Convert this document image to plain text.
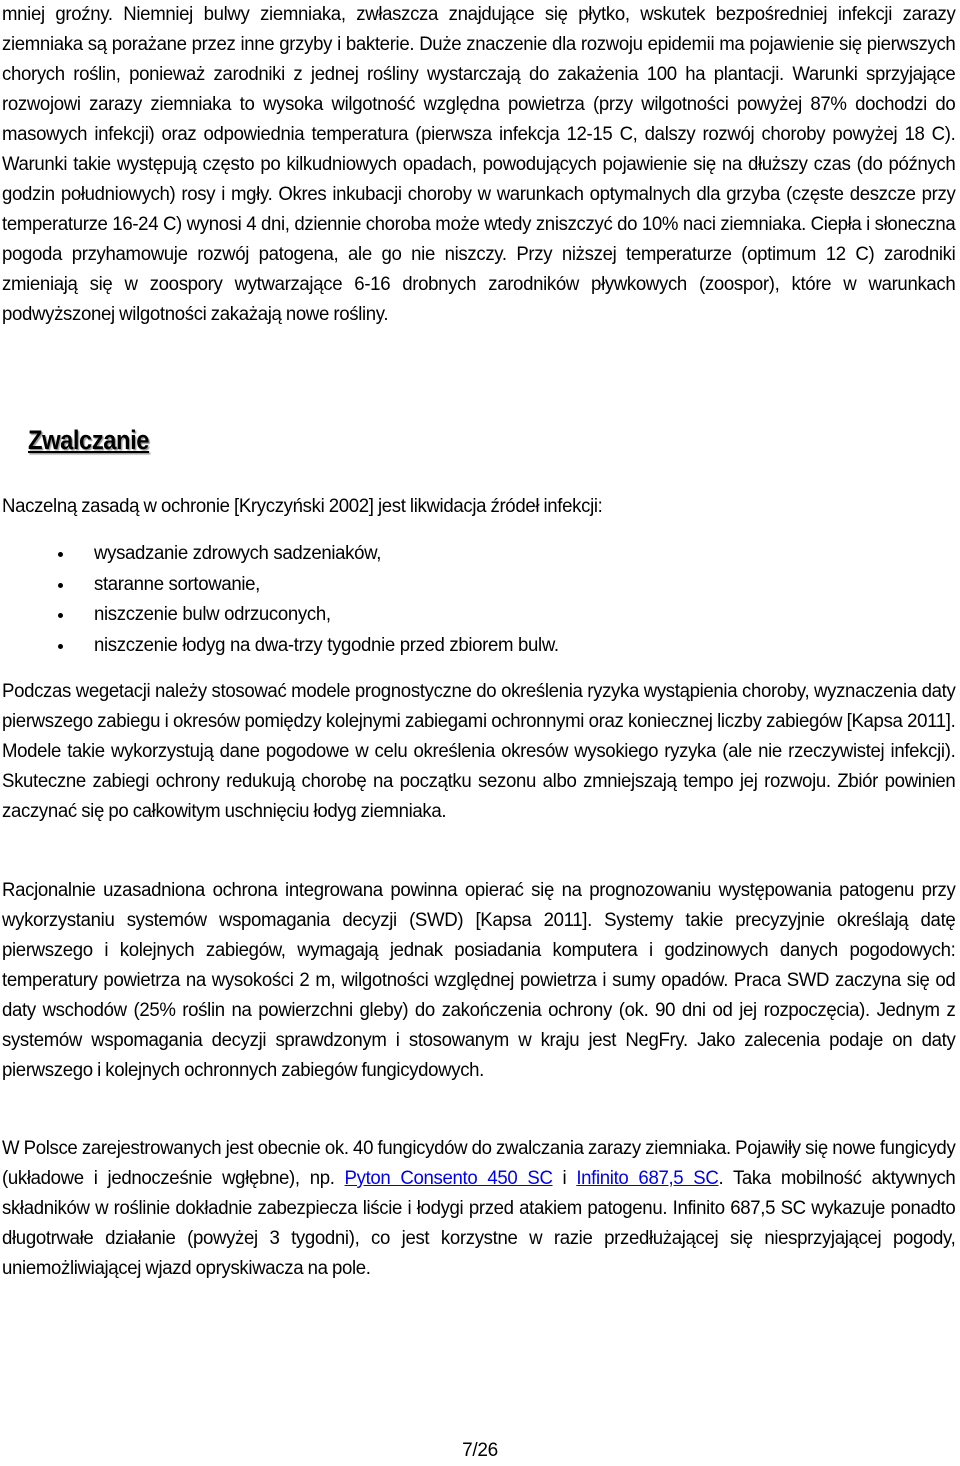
mniej groźny. Niemniej bulwy ziemniaka, zwłaszcza znajdujące się płytko, wskutek bezpośredniej infekcji zarazy ziemniaka są porażane przez inne grzyby i bakterie. Duże znaczenie dla rozwoju epidemii ma pojawienie się pierwszych chorych roślin, ponieważ zarodniki z jednej rośliny wystarczają do zakażenia 100 ha plantacji. Warunki sprzyjające rozwojowi zarazy ziemniaka to wysoka wilgotność względna powietrza (przy wilgotności powyżej 87% dochodzi do masowych infekcji) oraz odpowiednia temperatura (pierwsza infekcja 12-15 C, dalszy rozwój choroby powyżej 18 C). Warunki takie występują często po kilkudniowych opadach, powodujących pojawienie się na dłuższy czas (do późnych godzin południowych) rosy i mgły. Okres inkubacji choroby w warunkach optymalnych dla grzyba (częste deszcze przy temperaturze 16-24 C) wynosi 4 dni, dziennie choroba może wtedy zniszczyć do 10% naci ziemniaka. Ciepła i słoneczna pogoda przyhamowuje rozwój patogena, ale go nie niszczy. Przy niższej temperaturze (optimum 12 C) zarodniki zmieniają się w zoospory wytwarzające 6-16 drobnych zarodników pływkowych (zoospor), które w warunkach podwyższonej wilgotności zakażają nowe rośliny.

Zwalczanie

Naczelną zasadą w ochronie [Kryczyński 2002] jest likwidacja źródeł infekcji:

wysadzanie zdrowych sadzeniaków,
staranne sortowanie,
niszczenie bulw odrzuconych,
niszczenie łodyg na dwa-trzy tygodnie przed zbiorem bulw.

Podczas wegetacji należy stosować modele prognostyczne do określenia ryzyka wystąpienia choroby, wyznaczenia daty pierwszego zabiegu i okresów pomiędzy kolejnymi zabiegami ochronnymi oraz koniecznej liczby zabiegów [Kapsa 2011]. Modele takie wykorzystują dane pogodowe w celu określenia okresów wysokiego ryzyka (ale nie rzeczywistej infekcji). Skuteczne zabiegi ochrony redukują chorobę na początku sezonu albo zmniejszają tempo jej rozwoju. Zbiór powinien zaczynać się po całkowitym uschnięciu łodyg ziemniaka.

Racjonalnie uzasadniona ochrona integrowana powinna opierać się na prognozowaniu występowania patogenu przy wykorzystaniu systemów wspomagania decyzji (SWD) [Kapsa 2011]. Systemy takie precyzyjnie określają datę pierwszego i kolejnych zabiegów, wymagają jednak posiadania komputera i godzinowych danych pogodowych: temperatury powietrza na wysokości 2 m, wilgotności względnej powietrza i sumy opadów. Praca SWD zaczyna się od daty wschodów (25% roślin na powierzchni gleby) do zakończenia ochrony (ok. 90 dni od jej rozpoczęcia). Jednym z systemów wspomagania decyzji sprawdzonym i stosowanym w kraju jest NegFry. Jako zalecenia podaje on daty pierwszego i kolejnych ochronnych zabiegów fungicydowych.

W Polsce zarejestrowanych jest obecnie ok. 40 fungicydów do zwalczania zarazy ziemniaka. Pojawiły się nowe fungicydy (układowe i jednocześnie wgłębne), np. Pyton Consento 450 SC i Infinito 687,5 SC. Taka mobilność aktywnych składników w roślinie dokładnie zabezpiecza liście i łodygi przed atakiem patogenu. Infinito 687,5 SC wykazuje ponadto długotrwałe działanie (powyżej 3 tygodni), co jest korzystne w razie przedłużającej się niesprzyjającej pogody, uniemożliwiającej wjazd opryskiwacza na pole.

7/26
